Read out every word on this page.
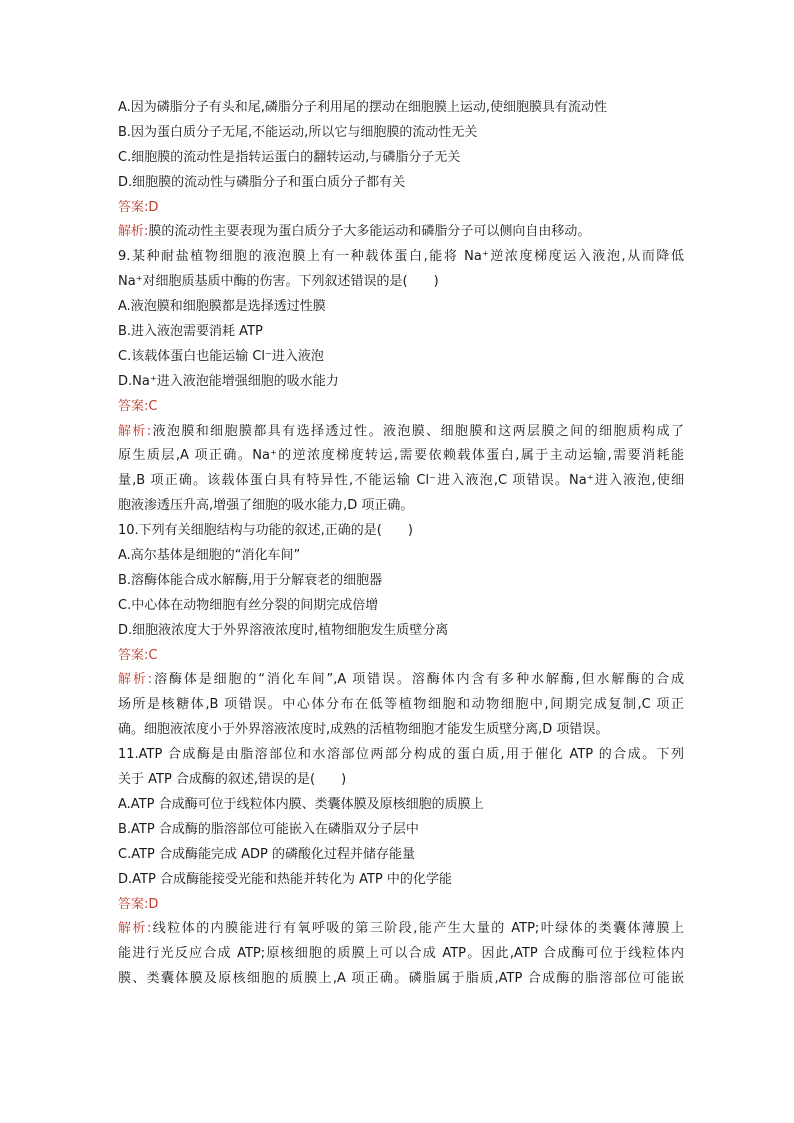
A.因为磷脂分子有头和尾,磷脂分子利用尾的摆动在细胞膜上运动,使细胞膜具有流动性
B.因为蛋白质分子无尾,不能运动,所以它与细胞膜的流动性无关
C.细胞膜的流动性是指转运蛋白的翻转运动,与磷脂分子无关
D.细胞膜的流动性与磷脂分子和蛋白质分子都有关
答案:D
解析:膜的流动性主要表现为蛋白质分子大多能运动和磷脂分子可以侧向自由移动。
9.某种耐盐植物细胞的液泡膜上有一种载体蛋白,能将 Na⁺逆浓度梯度运入液泡,从而降低
Na⁺对细胞质基质中酶的伤害。下列叙述错误的是(　　)
A.液泡膜和细胞膜都是选择透过性膜
B.进入液泡需要消耗 ATP
C.该载体蛋白也能运输 Cl⁻进入液泡
D.Na⁺进入液泡能增强细胞的吸水能力
答案:C
解析:液泡膜和细胞膜都具有选择透过性。液泡膜、细胞膜和这两层膜之间的细胞质构成了
原生质层,A 项正确。Na⁺的逆浓度梯度转运,需要依赖载体蛋白,属于主动运输,需要消耗能
量,B 项正确。该载体蛋白具有特异性,不能运输 Cl⁻进入液泡,C 项错误。Na⁺进入液泡,使细
胞液渗透压升高,增强了细胞的吸水能力,D 项正确。
10.下列有关细胞结构与功能的叙述,正确的是(　　)
A.高尔基体是细胞的“消化车间”
B.溶酶体能合成水解酶,用于分解衰老的细胞器
C.中心体在动物细胞有丝分裂的间期完成倍增
D.细胞液浓度大于外界溶液浓度时,植物细胞发生质壁分离
答案:C
解析:溶酶体是细胞的“消化车间”,A 项错误。溶酶体内含有多种水解酶,但水解酶的合成
场所是核糖体,B 项错误。中心体分布在低等植物细胞和动物细胞中,间期完成复制,C 项正
确。细胞液浓度小于外界溶液浓度时,成熟的活植物细胞才能发生质壁分离,D 项错误。
11.ATP 合成酶是由脂溶部位和水溶部位两部分构成的蛋白质,用于催化 ATP 的合成。下列
关于 ATP 合成酶的叙述,错误的是(　　)
A.ATP 合成酶可位于线粒体内膜、类囊体膜及原核细胞的质膜上
B.ATP 合成酶的脂溶部位可能嵌入在磷脂双分子层中
C.ATP 合成酶能完成 ADP 的磷酸化过程并储存能量
D.ATP 合成酶能接受光能和热能并转化为 ATP 中的化学能
答案:D
解析:线粒体的内膜能进行有氧呼吸的第三阶段,能产生大量的 ATP;叶绿体的类囊体薄膜上
能进行光反应合成 ATP;原核细胞的质膜上可以合成 ATP。因此,ATP 合成酶可位于线粒体内
膜、类囊体膜及原核细胞的质膜上,A 项正确。磷脂属于脂质,ATP 合成酶的脂溶部位可能嵌
